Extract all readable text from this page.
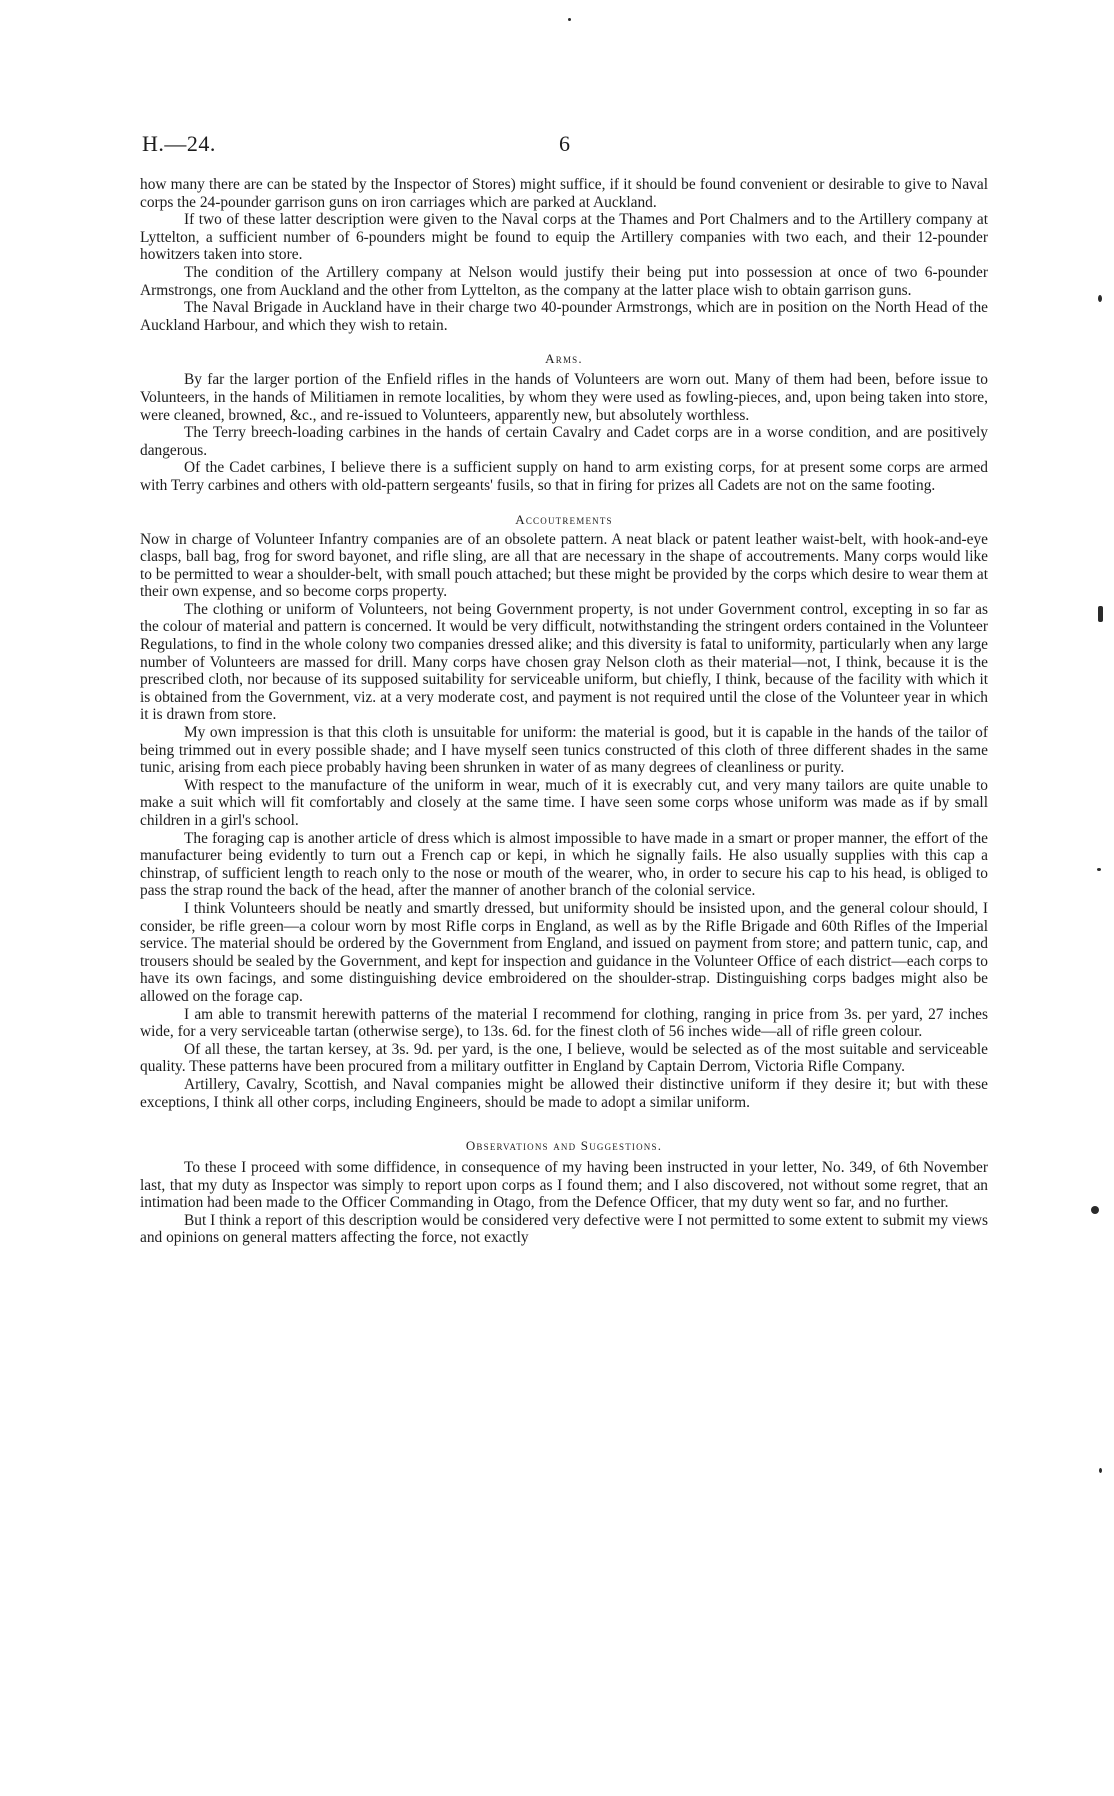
H.—24.	6

how many there are can be stated by the Inspector of Stores) might suffice, if it should be found convenient or desirable to give to Naval corps the 24-pounder garrison guns on iron carriages which are parked at Auckland.

If two of these latter description were given to the Naval corps at the Thames and Port Chalmers and to the Artillery company at Lyttelton, a sufficient number of 6-pounders might be found to equip the Artillery companies with two each, and their 12-pounder howitzers taken into store.

The condition of the Artillery company at Nelson would justify their being put into possession at once of two 6-pounder Armstrongs, one from Auckland and the other from Lyttelton, as the company at the latter place wish to obtain garrison guns.

The Naval Brigade in Auckland have in their charge two 40-pounder Armstrongs, which are in position on the North Head of the Auckland Harbour, and which they wish to retain.

Arms.

By far the larger portion of the Enfield rifles in the hands of Volunteers are worn out. Many of them had been, before issue to Volunteers, in the hands of Militiamen in remote localities, by whom they were used as fowling-pieces, and, upon being taken into store, were cleaned, browned, &c., and re-issued to Volunteers, apparently new, but absolutely worthless.

The Terry breech-loading carbines in the hands of certain Cavalry and Cadet corps are in a worse condition, and are positively dangerous.

Of the Cadet carbines, I believe there is a sufficient supply on hand to arm existing corps, for at present some corps are armed with Terry carbines and others with old-pattern sergeants' fusils, so that in firing for prizes all Cadets are not on the same footing.

Accoutrements

Now in charge of Volunteer Infantry companies are of an obsolete pattern. A neat black or patent leather waist-belt, with hook-and-eye clasps, ball bag, frog for sword bayonet, and rifle sling, are all that are necessary in the shape of accoutrements. Many corps would like to be permitted to wear a shoulder-belt, with small pouch attached; but these might be provided by the corps which desire to wear them at their own expense, and so become corps property.

The clothing or uniform of Volunteers, not being Government property, is not under Government control, excepting in so far as the colour of material and pattern is concerned. It would be very difficult, notwithstanding the stringent orders contained in the Volunteer Regulations, to find in the whole colony two companies dressed alike; and this diversity is fatal to uniformity, particularly when any large number of Volunteers are massed for drill. Many corps have chosen gray Nelson cloth as their material—not, I think, because it is the prescribed cloth, nor because of its supposed suitability for serviceable uniform, but chiefly, I think, because of the facility with which it is obtained from the Government, viz. at a very moderate cost, and payment is not required until the close of the Volunteer year in which it is drawn from store.

My own impression is that this cloth is unsuitable for uniform: the material is good, but it is capable in the hands of the tailor of being trimmed out in every possible shade; and I have myself seen tunics constructed of this cloth of three different shades in the same tunic, arising from each piece probably having been shrunken in water of as many degrees of cleanliness or purity.

With respect to the manufacture of the uniform in wear, much of it is execrably cut, and very many tailors are quite unable to make a suit which will fit comfortably and closely at the same time. I have seen some corps whose uniform was made as if by small children in a girl's school.

The foraging cap is another article of dress which is almost impossible to have made in a smart or proper manner, the effort of the manufacturer being evidently to turn out a French cap or kepi, in which he signally fails. He also usually supplies with this cap a chinstrap, of sufficient length to reach only to the nose or mouth of the wearer, who, in order to secure his cap to his head, is obliged to pass the strap round the back of the head, after the manner of another branch of the colonial service.

I think Volunteers should be neatly and smartly dressed, but uniformity should be insisted upon, and the general colour should, I consider, be rifle green—a colour worn by most Rifle corps in England, as well as by the Rifle Brigade and 60th Rifles of the Imperial service. The material should be ordered by the Government from England, and issued on payment from store; and pattern tunic, cap, and trousers should be sealed by the Government, and kept for inspection and guidance in the Volunteer Office of each district—each corps to have its own facings, and some distinguishing device embroidered on the shoulder-strap. Distinguishing corps badges might also be allowed on the forage cap.

I am able to transmit herewith patterns of the material I recommend for clothing, ranging in price from 3s. per yard, 27 inches wide, for a very serviceable tartan (otherwise serge), to 13s. 6d. for the finest cloth of 56 inches wide—all of rifle green colour.

Of all these, the tartan kersey, at 3s. 9d. per yard, is the one, I believe, would be selected as of the most suitable and serviceable quality. These patterns have been procured from a military outfitter in England by Captain Derrom, Victoria Rifle Company.

Artillery, Cavalry, Scottish, and Naval companies might be allowed their distinctive uniform if they desire it; but with these exceptions, I think all other corps, including Engineers, should be made to adopt a similar uniform.

Observations and Suggestions.

To these I proceed with some diffidence, in consequence of my having been instructed in your letter, No. 349, of 6th November last, that my duty as Inspector was simply to report upon corps as I found them; and I also discovered, not without some regret, that an intimation had been made to the Officer Commanding in Otago, from the Defence Officer, that my duty went so far, and no further.

But I think a report of this description would be considered very defective were I not permitted to some extent to submit my views and opinions on general matters affecting the force, not exactly
